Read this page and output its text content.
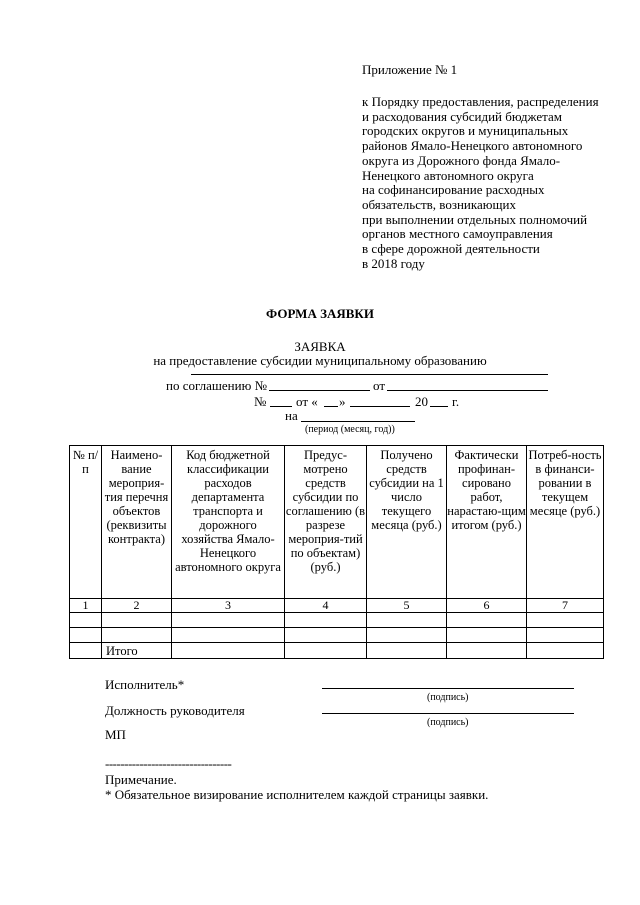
Приложение № 1
к Порядку предоставления, распределения
и расходования субсидий бюджетам
городских округов и муниципальных
районов Ямало-Ненецкого автономного
округа из Дорожного фонда Ямало-
Ненецкого автономного округа
на софинансирование расходных
обязательств, возникающих
при выполнении отдельных полномочий
органов местного самоуправления
в сфере дорожной деятельности
в 2018 году
ФОРМА ЗАЯВКИ
ЗАЯВКА
на предоставление субсидии муниципальному образованию
по соглашению №	от
№ от « »	20 г.
на
(период (месяц, год))
№ п/п	Наимено-вание мероприя-тия перечня объектов (реквизиты контракта)	Код бюджетной классификации расходов департамента транспорта и дорожного хозяйства Ямало-Ненецкого автономного округа	Предус-мотрено средств субсидии по соглашению (в разрезе мероприя-тий по объектам) (руб.)	Получено средств субсидии на 1 число текущего месяца (руб.)	Фактически профинан-сировано работ, нарастаю-щим итогом (руб.)	Потреб-ность в финанси-ровании в текущем месяце (руб.)
1	2	3	4	5	6	7

	Итого					
Исполнитель*
(подпись)
Должность руководителя
(подпись)
МП
---------------------------------
Примечание.
* Обязательное визирование исполнителем каждой страницы заявки.
